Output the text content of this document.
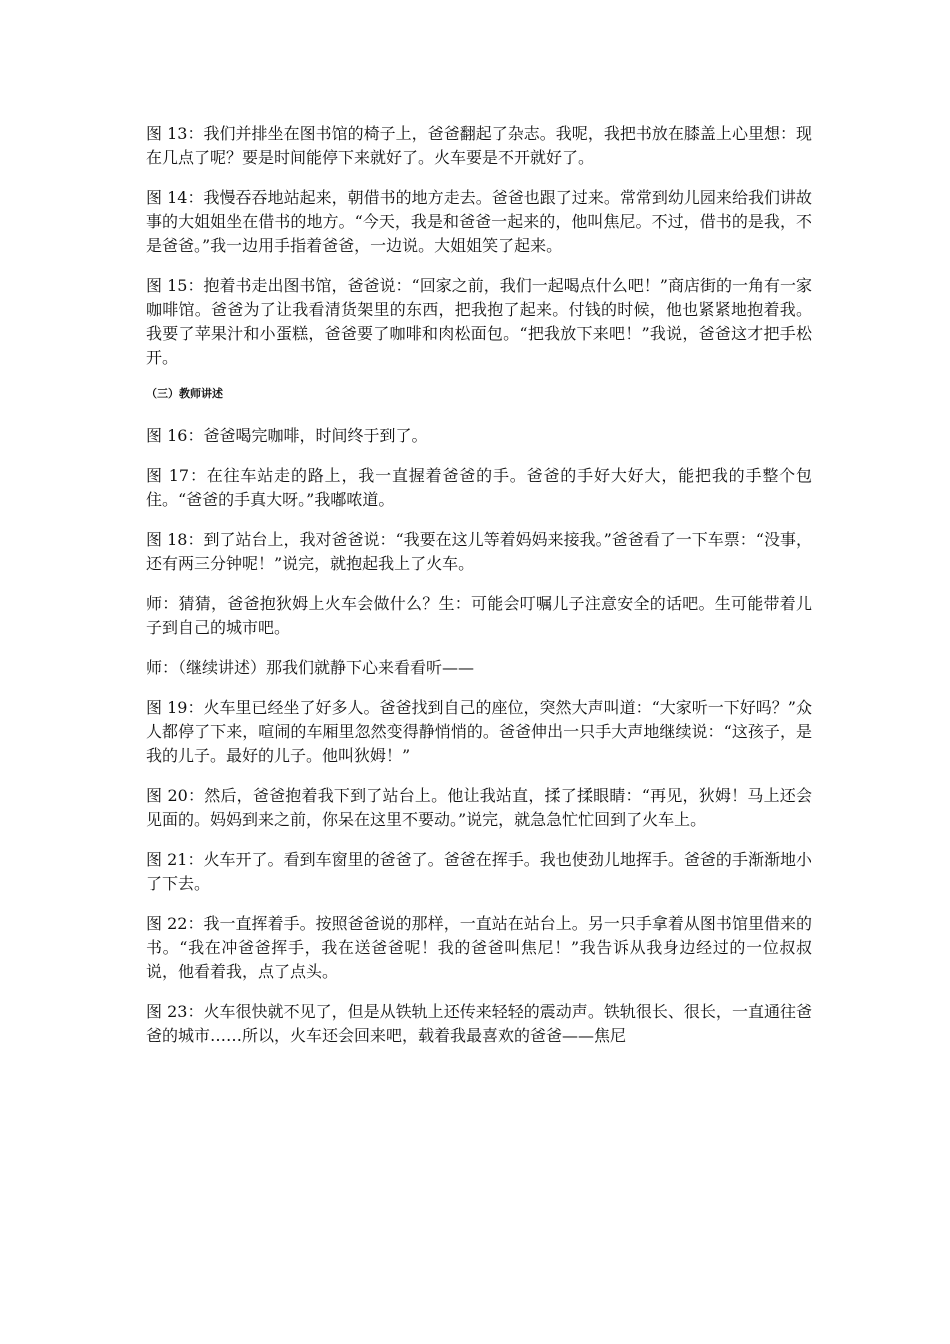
图 13：我们并排坐在图书馆的椅子上，爸爸翻起了杂志。我呢，我把书放在膝盖上心里想：现在几点了呢？要是时间能停下来就好了。火车要是不开就好了。

图 14：我慢吞吞地站起来，朝借书的地方走去。爸爸也跟了过来。常常到幼儿园来给我们讲故事的大姐姐坐在借书的地方。“今天，我是和爸爸一起来的，他叫焦尼。不过，借书的是我，不是爸爸。”我一边用手指着爸爸，一边说。大姐姐笑了起来。

图 15：抱着书走出图书馆，爸爸说：“回家之前，我们一起喝点什么吧！”商店街的一角有一家咖啡馆。爸爸为了让我看清货架里的东西，把我抱了起来。付钱的时候，他也紧紧地抱着我。我要了苹果汁和小蛋糕，爸爸要了咖啡和肉松面包。“把我放下来吧！”我说，爸爸这才把手松开。

（三）教师讲述

图 16：爸爸喝完咖啡，时间终于到了。

图 17：在往车站走的路上，我一直握着爸爸的手。爸爸的手好大好大，能把我的手整个包住。“爸爸的手真大呀。”我嘟哝道。

图 18：到了站台上，我对爸爸说：“我要在这儿等着妈妈来接我。”爸爸看了一下车票：“没事，还有两三分钟呢！”说完，就抱起我上了火车。

师：猜猜，爸爸抱狄姆上火车会做什么？生：可能会叮嘱儿子注意安全的话吧。生可能带着儿子到自己的城市吧。

师：（继续讲述）那我们就静下心来看看听——

图 19：火车里已经坐了好多人。爸爸找到自己的座位，突然大声叫道：“大家听一下好吗？”众人都停了下来，喧闹的车厢里忽然变得静悄悄的。爸爸伸出一只手大声地继续说：“这孩子，是我的儿子。最好的儿子。他叫狄姆！”

图 20：然后，爸爸抱着我下到了站台上。他让我站直，揉了揉眼睛：“再见，狄姆！马上还会见面的。妈妈到来之前，你呆在这里不要动。”说完，就急急忙忙回到了火车上。

图 21：火车开了。看到车窗里的爸爸了。爸爸在挥手。我也使劲儿地挥手。爸爸的手渐渐地小了下去。

图 22：我一直挥着手。按照爸爸说的那样，一直站在站台上。另一只手拿着从图书馆里借来的书。“我在冲爸爸挥手，我在送爸爸呢！我的爸爸叫焦尼！”我告诉从我身边经过的一位叔叔说，他看着我，点了点头。

图 23：火车很快就不见了，但是从铁轨上还传来轻轻的震动声。铁轨很长、很长，一直通往爸爸的城市……所以，火车还会回来吧，载着我最喜欢的爸爸——焦尼
